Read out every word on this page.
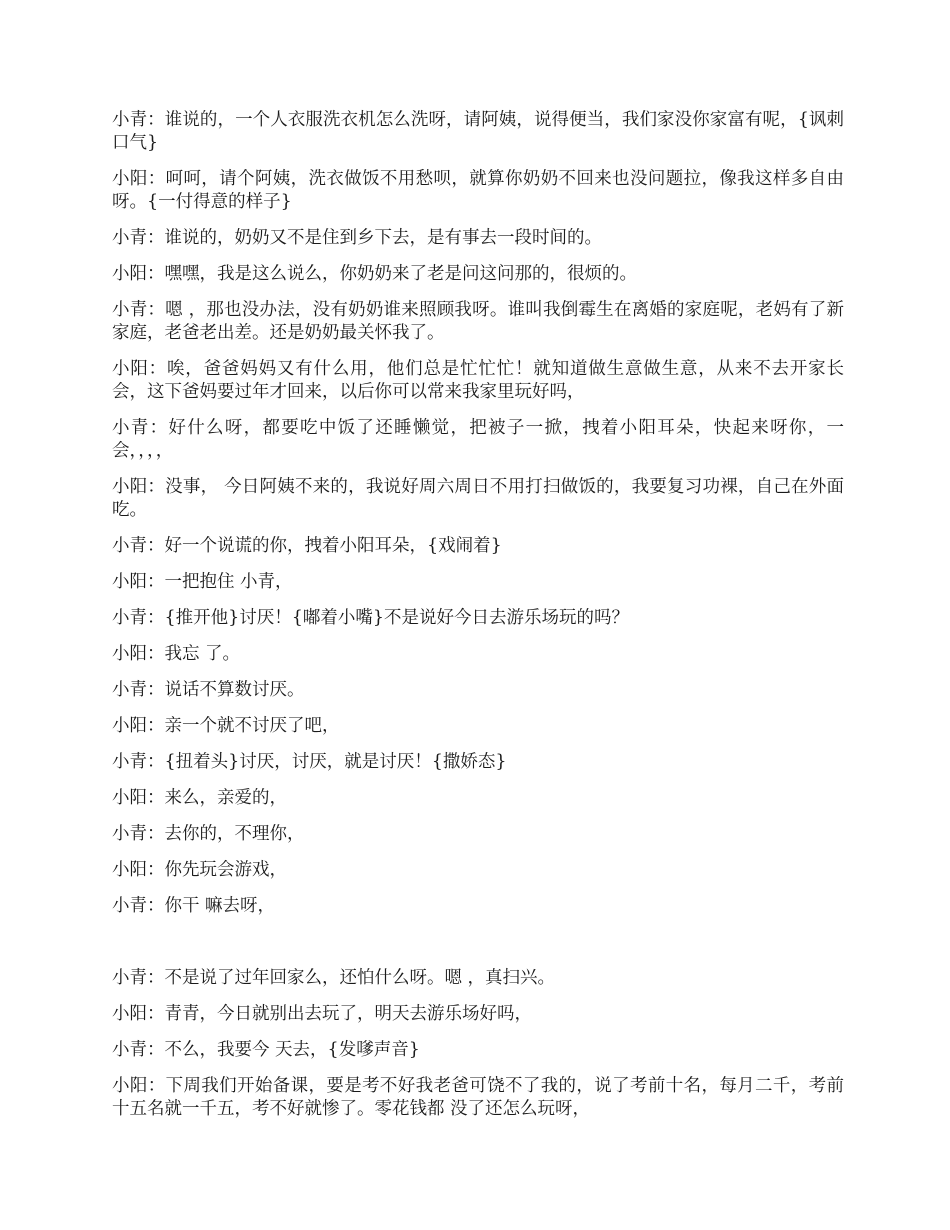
小青：谁说的，一个人衣服洗衣机怎么洗呀，请阿姨，说得便当，我们家没你家富有呢，{讽刺口气}

小阳：呵呵，请个阿姨，洗衣做饭不用愁呗，就算你奶奶不回来也没问题拉，像我这样多自由呀。{一付得意的样子}

小青：谁说的，奶奶又不是住到乡下去，是有事去一段时间的。

小阳：嘿嘿，我是这么说么，你奶奶来了老是问这问那的，很烦的。

小青：嗯 ，那也没办法，没有奶奶谁来照顾我呀。谁叫我倒霉生在离婚的家庭呢，老妈有了新家庭，老爸老出差。还是奶奶最关怀我了。

小阳：唉，爸爸妈妈又有什么用，他们总是忙忙忙！就知道做生意做生意，从来不去开家长会，这下爸妈要过年才回来，以后你可以常来我家里玩好吗，

小青：好什么呀，都要吃中饭了还睡懒觉，把被子一掀，拽着小阳耳朵，快起来呀你，一会，，，，

小阳：没事， 今日阿姨不来的，我说好周六周日不用打扫做饭的，我要复习功裸，自己在外面吃。

小青：好一个说谎的你，拽着小阳耳朵，{戏闹着}

小阳：一把抱住 小青，

小青：{推开他}讨厌！{嘟着小嘴}不是说好今日去游乐场玩的吗？

小阳：我忘 了。

小青：说话不算数讨厌。

小阳：亲一个就不讨厌了吧，

小青：{扭着头}讨厌，讨厌，就是讨厌！{撒娇态}

小阳：来么，亲爱的，

小青：去你的，不理你，

小阳：你先玩会游戏，

小青：你干 嘛去呀，

小青：不是说了过年回家么，还怕什么呀。嗯 ，真扫兴。

小阳：青青，今日就别出去玩了，明天去游乐场好吗，

小青：不么，我要今 天去，{发嗲声音}

小阳：下周我们开始备课，要是考不好我老爸可饶不了我的，说了考前十名，每月二千，考前十五名就一千五，考不好就惨了。零花钱都 没了还怎么玩呀，
